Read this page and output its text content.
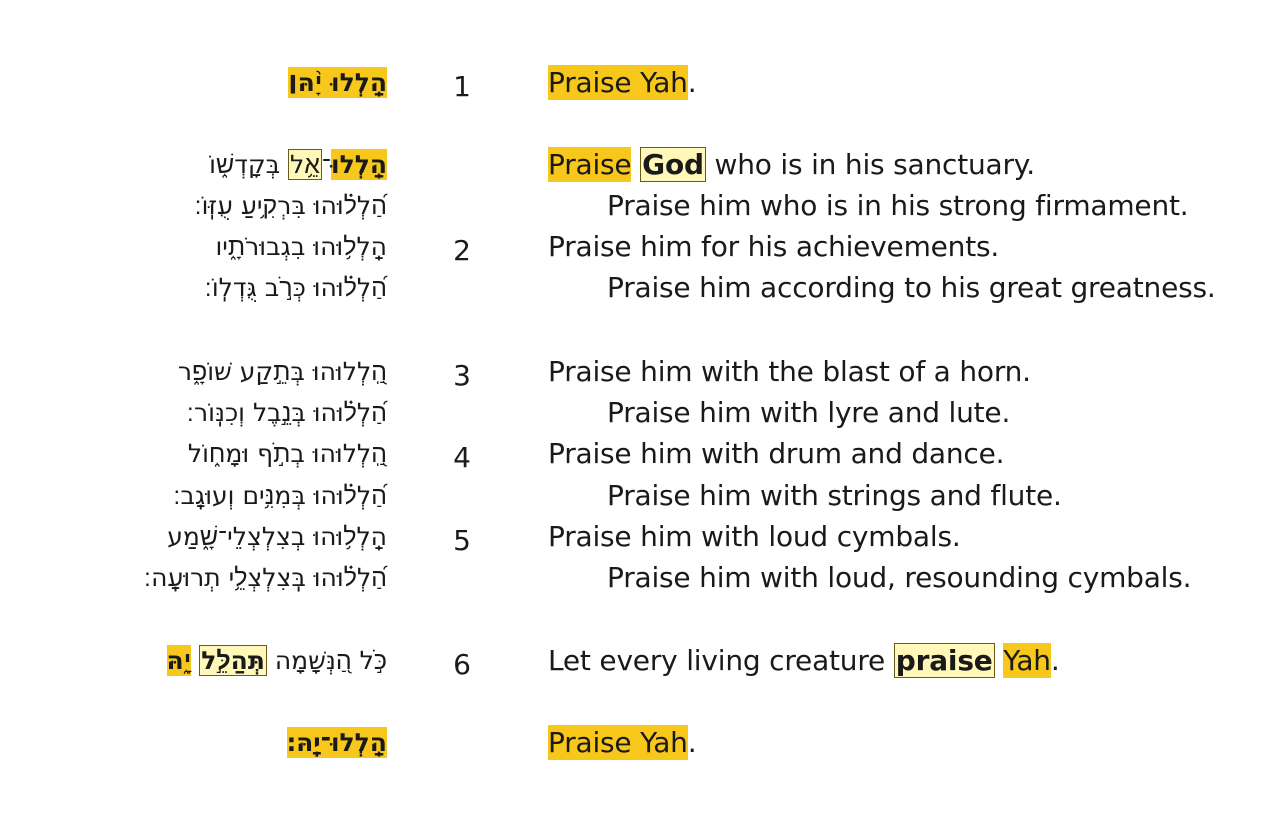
הַֽלְלוּ יָ֨הּ׀	1	Praise Yah.
הַֽלְלוּ־אֵ֥ל בְּקָדְשׁ֑וֹ	Praise God who is in his sanctuary.
הַ֝לְל֗וּהוּ בִּרְקִ֥יעַ עֻזּֽוֹ׃	Praise him who is in his strong firmament.
הַֽלְל֥וּהוּ בִגְבוּרֹתָ֑יו	2	Praise him for his achievements.
הַ֝לְל֗וּהוּ כְּרֹ֣ב גֻּדְלֽוֹ׃	Praise him according to his great greatness.
הַֽ֭לְלוּהוּ בְּתֵ֣קַע שׁוֹפָ֑ר	3	Praise him with the blast of a horn.
הַ֝לְל֗וּהוּ בְּנֵ֣בֶל וְכִנּֽוֹר׃	Praise him with lyre and lute.
הַֽ֭לְלוּהוּ בְתֹ֣ף וּמָח֑וֹל	4	Praise him with drum and dance.
הַ֝לְל֗וּהוּ בְּמִנִּ֥ים וְעוּגָֽב׃	Praise him with strings and flute.
הַֽלְל֥וּהוּ בְצִלְצְלֵי־שָׁ֑מַע	5	Praise him with loud cymbals.
הַ֝לְל֗וּהוּ בְּֽצִלְצְלֵ֥י תְרוּעָֽה׃	Praise him with loud, resounding cymbals.
כֹּ֣ל הַ֭נְּשָׁמָה תְּהַלֵּ֣ל יָ֑הּ	6	Let every living creature praise Yah.
הַֽלְלוּ־יָֽהּ׃	Praise Yah.
